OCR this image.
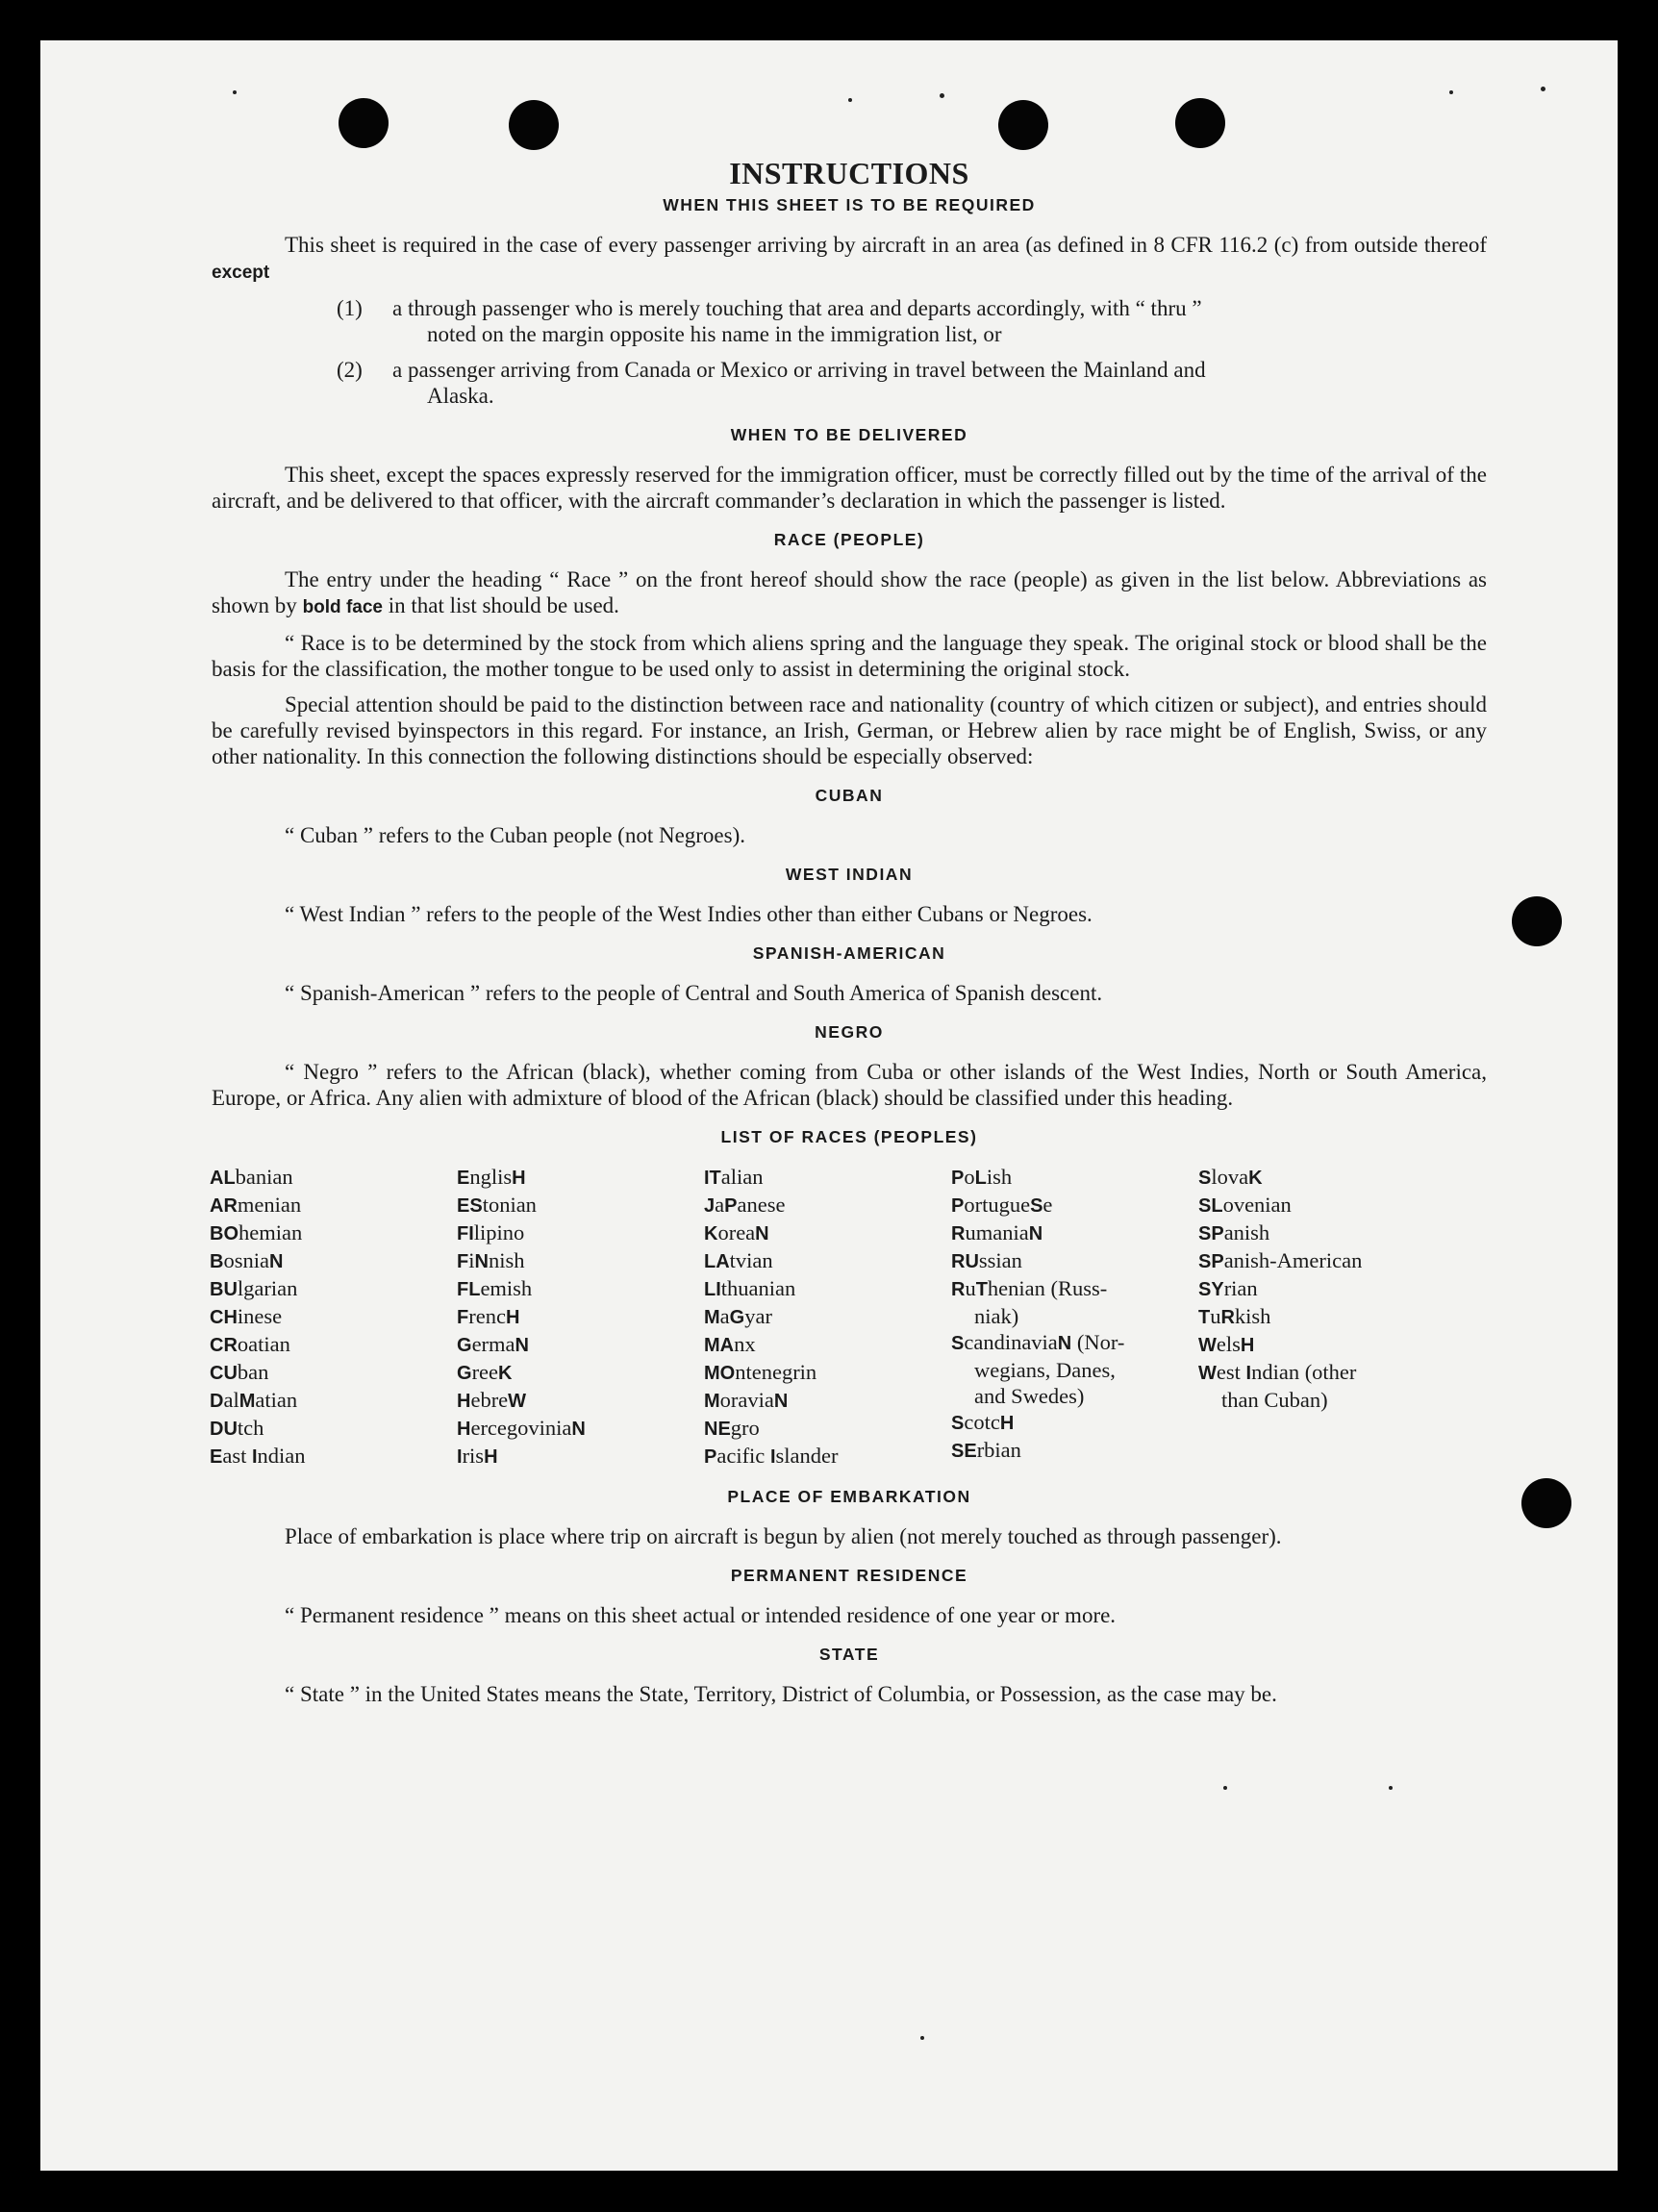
INSTRUCTIONS
WHEN THIS SHEET IS TO BE REQUIRED

This sheet is required in the case of every passenger arriving by aircraft in an area (as defined in 8 CFR 116.2 (c) from outside thereof except

(1)	a through passenger who is merely touching that area and departs accordingly, with “ thru ”
noted on the margin opposite his name in the immigration list, or
(2)	a passenger arriving from Canada or Mexico or arriving in travel between the Mainland and
Alaska.
WHEN TO BE DELIVERED

This sheet, except the spaces expressly reserved for the immigration officer, must be correctly filled out by the time of the arrival of the aircraft, and be delivered to that officer, with the aircraft commander’s declaration in which the passenger is listed.

RACE (PEOPLE)

The entry under the heading “ Race ” on the front hereof should show the race (people) as given in the list below. Abbreviations as shown by bold face in that list should be used.

“ Race is to be determined by the stock from which aliens spring and the language they speak. The original stock or blood shall be the basis for the classification, the mother tongue to be used only to assist in determining the original stock.

Special attention should be paid to the distinction between race and nationality (country of which citizen or subject), and entries should be carefully revised byinspectors in this regard. For instance, an Irish, German, or Hebrew alien by race might be of English, Swiss, or any other nationality. In this connection the following distinctions should be especially observed:

CUBAN

“ Cuban ” refers to the Cuban people (not Negroes).

WEST INDIAN

“ West Indian ” refers to the people of the West Indies other than either Cubans or Negroes.

SPANISH-AMERICAN

“ Spanish-American ” refers to the people of Central and South America of Spanish descent.

NEGRO

“ Negro ” refers to the African (black), whether coming from Cuba or other islands of the West Indies, North or South America, Europe, or Africa. Any alien with admixture of blood of the African (black) should be classified under this heading.

LIST OF RACES (PEOPLES)
ALbanian
ARmenian
BOhemian
BosniaN
BUlgarian
CHinese
CRoatian
CUban
DalMatian
DUtch
East Indian
EnglisH
EStonian
FIlipino
FiNnish
FLemish
FrencH
GermaN
GreeK
HebreW
HercegoviniaN
IrisH
ITalian
JaPanese
KoreaN
LAtvian
LIthuanian
MaGyar
MAnx
MOntenegrin
MoraviaN
NEgro
Pacific Islander
PoLish
PortugueSe
RumaniaN
RUssian
RuThenian (Russ-
niak)
ScandinaviaN (Nor-
wegians, Danes,
and Swedes)
ScotcH
SErbian
SlovaK
SLovenian
SPanish
SPanish-American
SYrian
TuRkish
WelsH
West Indian (other
than Cuban)
PLACE OF EMBARKATION

Place of embarkation is place where trip on aircraft is begun by alien (not merely touched as through passenger).

PERMANENT RESIDENCE

“ Permanent residence ” means on this sheet actual or intended residence of one year or more.

STATE

“ State ” in the United States means the State, Territory, District of Columbia, or Possession, as the case may be.
